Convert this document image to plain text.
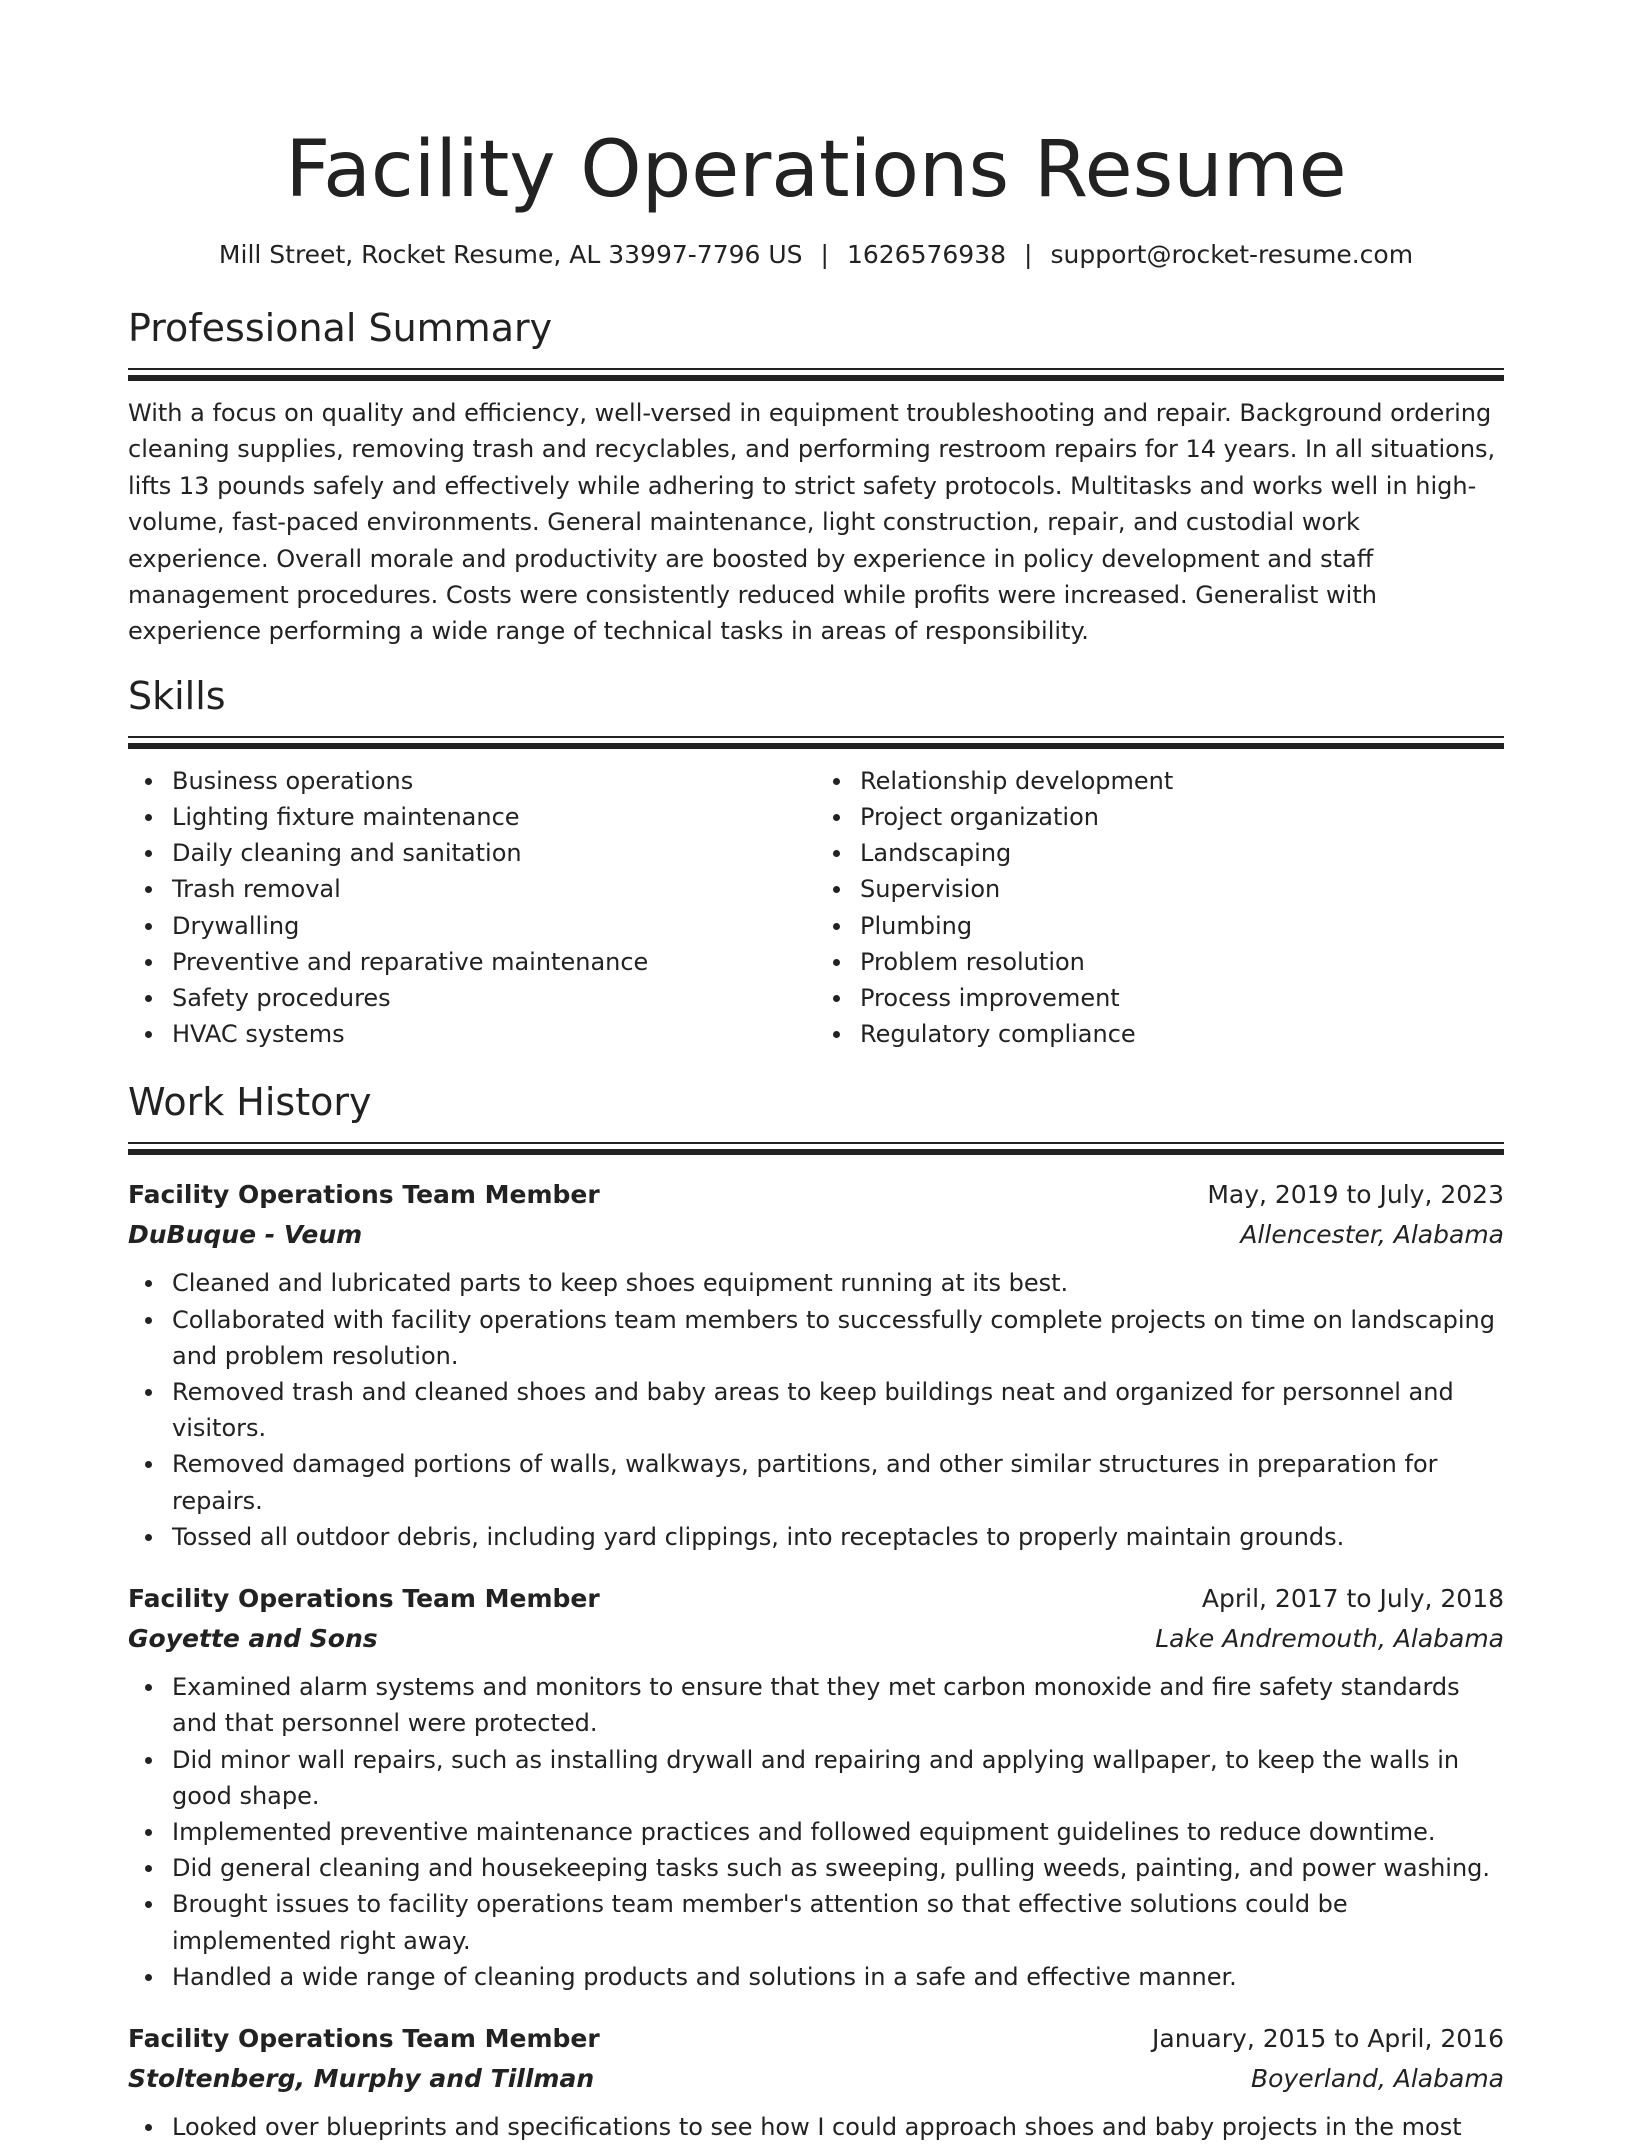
Facility Operations Resume
Mill Street, Rocket Resume, AL 33997-7796 US | 1626576938 | support@rocket-resume.com
Professional Summary
With a focus on quality and efficiency, well-versed in equipment troubleshooting and repair. Background ordering cleaning supplies, removing trash and recyclables, and performing restroom repairs for 14 years. In all situations, lifts 13 pounds safely and effectively while adhering to strict safety protocols. Multitasks and works well in high-volume, fast-paced environments. General maintenance, light construction, repair, and custodial work experience. Overall morale and productivity are boosted by experience in policy development and staff management procedures. Costs were consistently reduced while profits were increased. Generalist with experience performing a wide range of technical tasks in areas of responsibility.
Skills
Business operations
Lighting fixture maintenance
Daily cleaning and sanitation
Trash removal
Drywalling
Preventive and reparative maintenance
Safety procedures
HVAC systems
Relationship development
Project organization
Landscaping
Supervision
Plumbing
Problem resolution
Process improvement
Regulatory compliance
Work History
Facility Operations Team Member	May, 2019 to July, 2023
DuBuque - Veum	Allencester, Alabama
Cleaned and lubricated parts to keep shoes equipment running at its best.
Collaborated with facility operations team members to successfully complete projects on time on landscaping and problem resolution.
Removed trash and cleaned shoes and baby areas to keep buildings neat and organized for personnel and visitors.
Removed damaged portions of walls, walkways, partitions, and other similar structures in preparation for repairs.
Tossed all outdoor debris, including yard clippings, into receptacles to properly maintain grounds.
Facility Operations Team Member	April, 2017 to July, 2018
Goyette and Sons	Lake Andremouth, Alabama
Examined alarm systems and monitors to ensure that they met carbon monoxide and fire safety standards and that personnel were protected.
Did minor wall repairs, such as installing drywall and repairing and applying wallpaper, to keep the walls in good shape.
Implemented preventive maintenance practices and followed equipment guidelines to reduce downtime.
Did general cleaning and housekeeping tasks such as sweeping, pulling weeds, painting, and power washing.
Brought issues to facility operations team member's attention so that effective solutions could be implemented right away.
Handled a wide range of cleaning products and solutions in a safe and effective manner.
Facility Operations Team Member	January, 2015 to April, 2016
Stoltenberg, Murphy and Tillman	Boyerland, Alabama
Looked over blueprints and specifications to see how I could approach shoes and baby projects in the most
